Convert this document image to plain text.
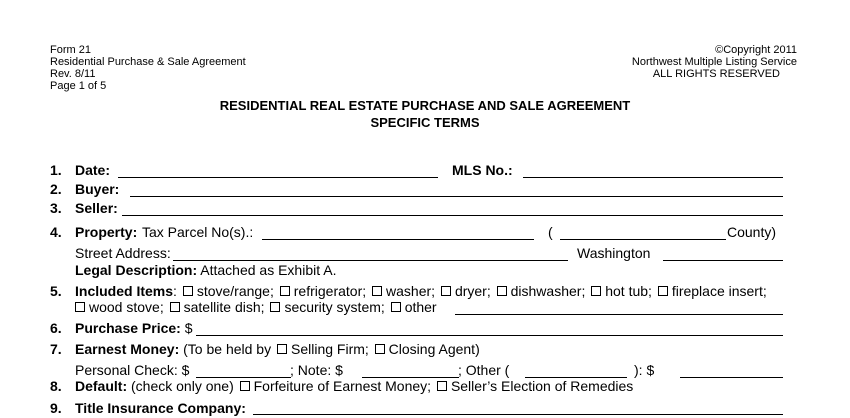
Form 21
Residential Purchase & Sale Agreement
Rev. 8/11
Page 1 of 5
©Copyright 2011
Northwest Multiple Listing Service
ALL RIGHTS RESERVED
RESIDENTIAL REAL ESTATE PURCHASE AND SALE AGREEMENT
SPECIFIC TERMS
1. Date:	MLS No.:
2. Buyer:
3. Seller:
4. Property: Tax Parcel No(s).:	(	County)
Street Address:	Washington
Legal Description: Attached as Exhibit A.
5. Included Items: stove/range; refrigerator; washer; dryer; dishwasher; hot tub; fireplace insert;
wood stove; satellite dish; security system; other
6. Purchase Price: $
7. Earnest Money: (To be held by Selling Firm; Closing Agent)
Personal Check: $	; Note: $	; Other (	): $
8. Default: (check only one) Forfeiture of Earnest Money; Seller’s Election of Remedies
9. Title Insurance Company:
